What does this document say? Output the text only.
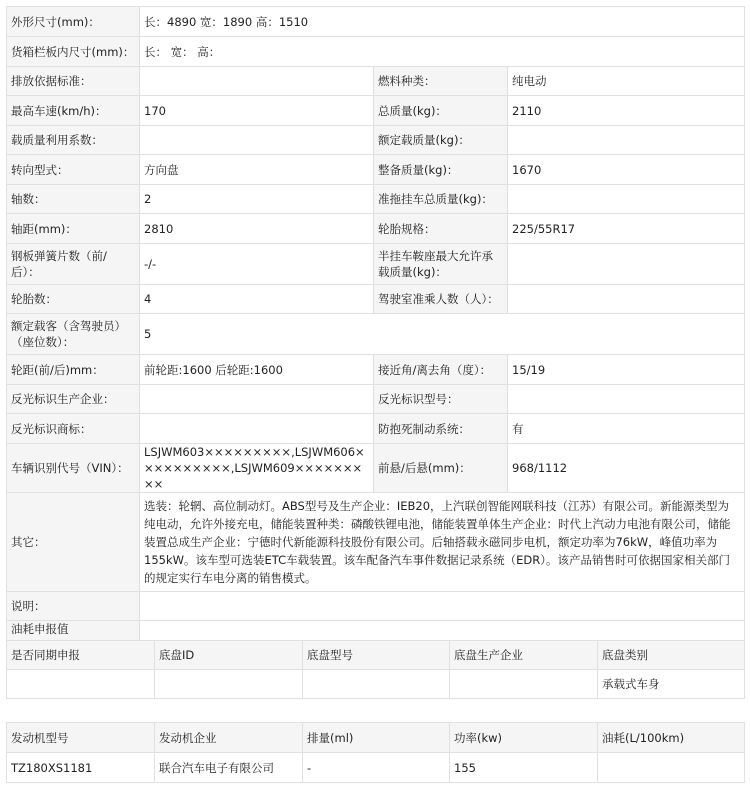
外形尺寸(mm)：	长：4890 宽：1890 高：1510		
货箱栏板内尺寸(mm)：	长： 宽： 高：		
排放依据标准：		燃料种类：	纯电动
最高车速(km/h)：	170	总质量(kg)：	2110
载质量利用系数：		额定载质量(kg)：	
转向型式：	方向盘	整备质量(kg)：	1670
轴数：	2	准拖挂车总质量(kg)：	
轴距(mm)：	2810	轮胎规格：	225/55R17
钢板弹簧片数（前/后）：	-/-	半挂车鞍座最大允许承载质量(kg)：	
轮胎数：	4	驾驶室准乘人数（人）：	
额定载客（含驾驶员）（座位数）：	5		
轮距(前/后)mm：	前轮距:1600 后轮距:1600	接近角/离去角（度）：	15/19
反光标识生产企业：		反光标识型号：	
反光标识商标：		防抱死制动系统：	有
车辆识别代号（VIN）：	LSJWM603×××××××××,LSJWM606××××××××××,LSJWM609×××××××××	前悬/后悬(mm)：	968/1112
其它：	选装：轮辋、高位制动灯。ABS型号及生产企业：IEB20，上汽联创智能网联科技（江苏）有限公司。新能源类型为纯电动，允许外接充电，储能装置种类：磷酸铁锂电池，储能装置单体生产企业：时代上汽动力电池有限公司，储能装置总成生产企业：宁德时代新能源科技股份有限公司。后轴搭载永磁同步电机，额定功率为76kW，峰值功率为155kW。该车型可选装ETC车载装置。该车配备汽车事件数据记录系统（EDR）。该产品销售时可依据国家相关部门的规定实行车电分离的销售模式。		
说明：			
油耗申报值			
是否同期申报	底盘ID	底盘型号	底盘生产企业	底盘类别
				承载式车身
发动机型号	发动机企业	排量(ml)	功率(kw)	油耗(L/100km)
TZ180XS1181	联合汽车电子有限公司	-	155	
